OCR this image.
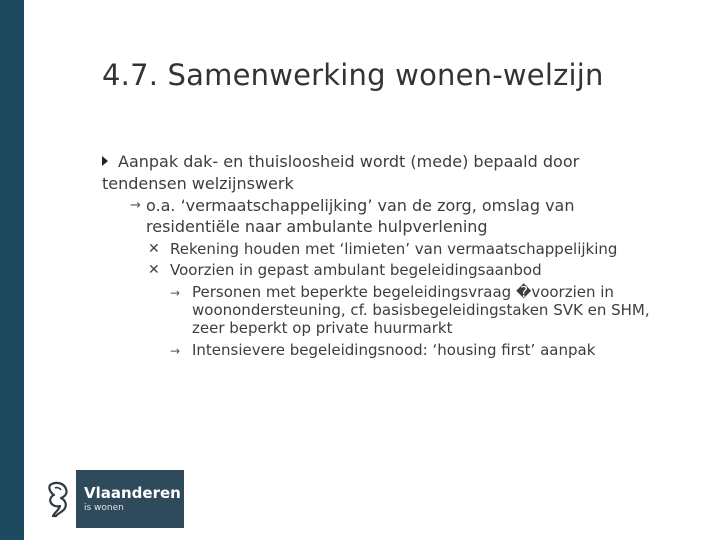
4.7. Samenwerking wonen-welzijn
Aanpak dak- en thuisloosheid wordt (mede) bepaald door tendensen welzijnswerk
→ o.a. ‘vermaatschappelijking’ van de zorg, omslag van residentiële naar ambulante hulpverlening
✕ Rekening houden met ‘limieten’ van vermaatschappelijking
✕ Voorzien in gepast ambulant begeleidingsaanbod
→ Personen met beperkte begeleidingsvraag �voorzien in woonondersteuning, cf. basisbegeleidingstaken SVK en SHM, zeer beperkt op private huurmarkt
→ Intensievere begeleidingsnood: ‘housing first’ aanpak
Vlaanderen
is wonen
